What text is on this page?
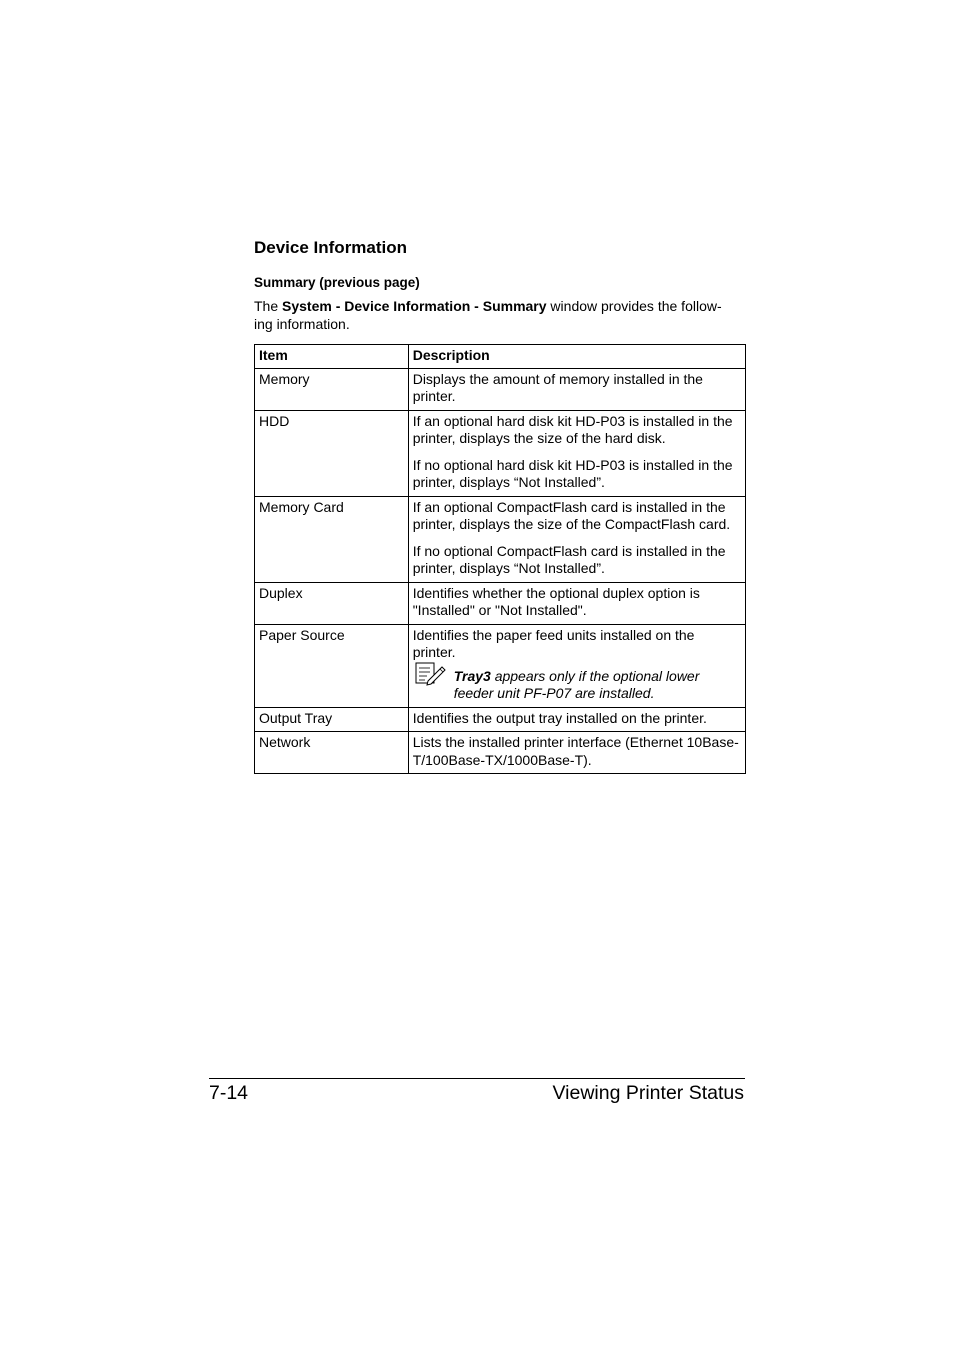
Device Information
Summary (previous page)

The System - Device Information - Summary window provides the follow-
ing information.

Item	Description
Memory	Displays the amount of memory installed in the printer.

HDD	If an optional hard disk kit HD-P03 is installed in the printer, displays the size of the hard disk.

If no optional hard disk kit HD-P03 is installed in the printer, displays “Not Installed”.

Memory Card	If an optional CompactFlash card is installed in the printer, displays the size of the CompactFlash card.

If no optional CompactFlash card is installed in the printer, displays “Not Installed”.

Duplex	Identifies whether the optional duplex option is "Installed" or "Not Installed".

Paper Source	Identifies the paper feed units installed on the printer.

Tray3 appears only if the optional lower feeder unit PF-P07 are installed.

Output Tray	Identifies the output tray installed on the printer.

Network	Lists the installed printer interface (Ethernet 10Base-T/100Base-TX/1000Base-T).

7-14	Viewing Printer Status
